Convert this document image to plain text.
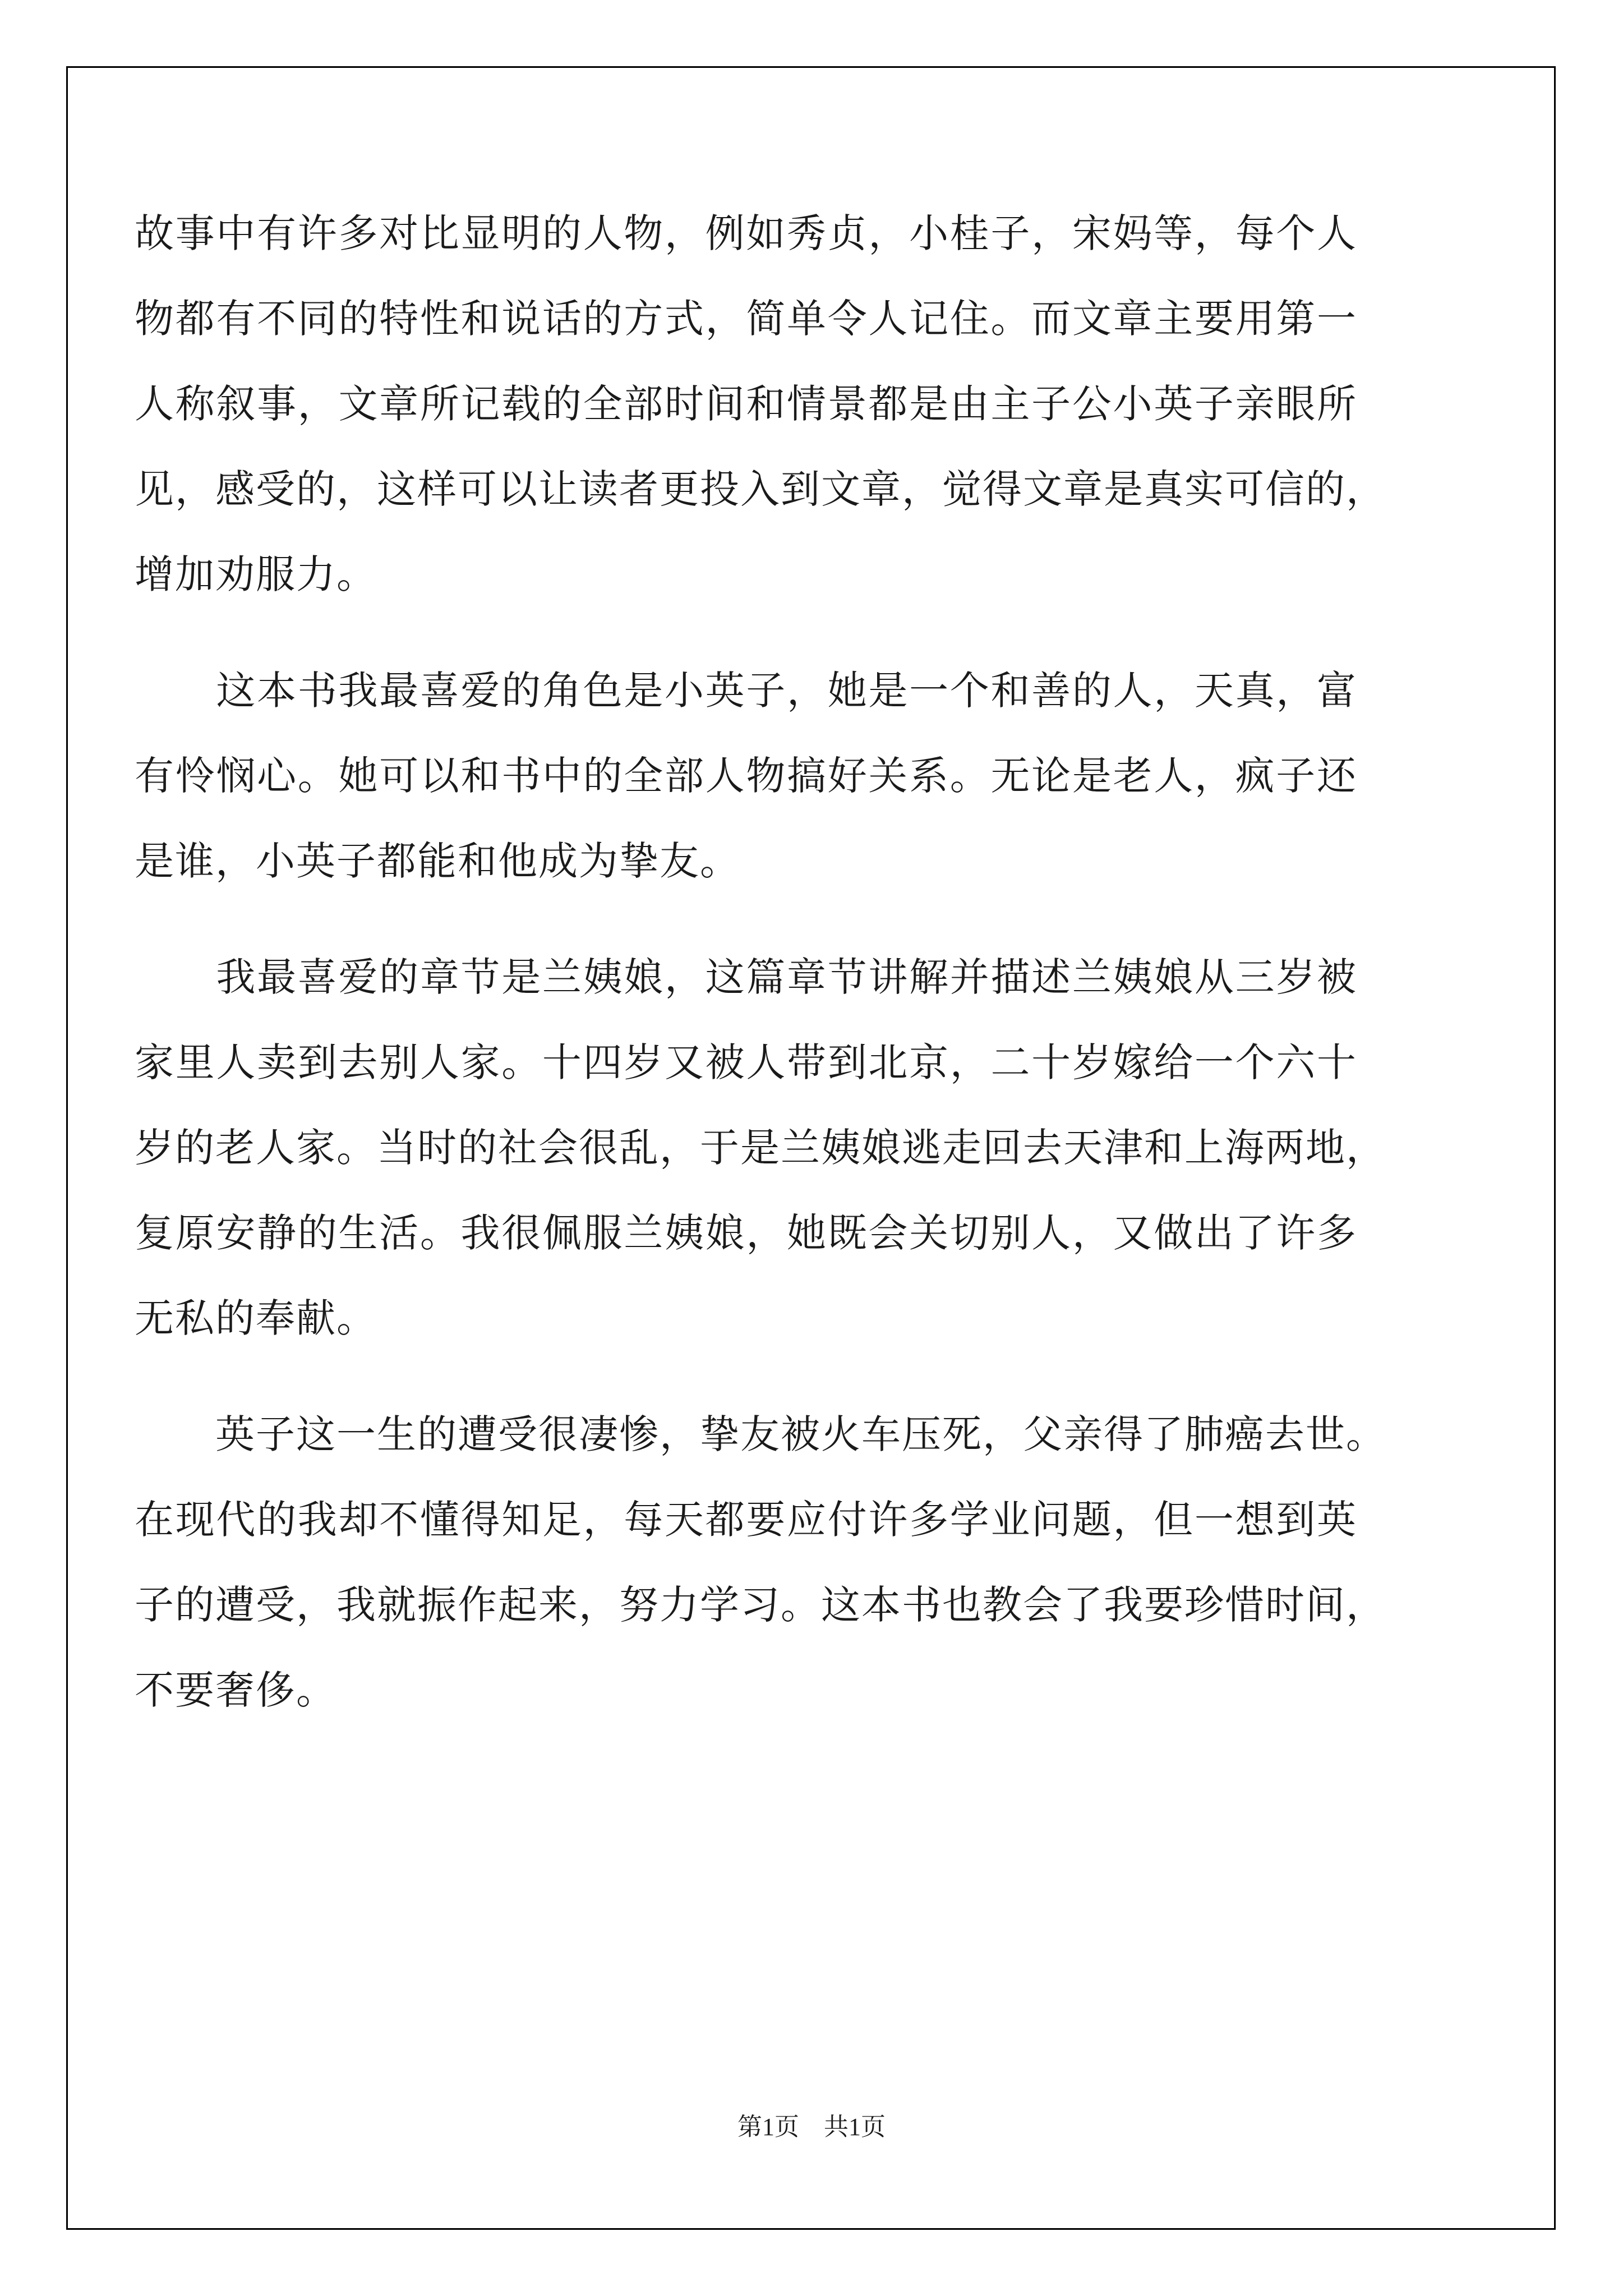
故事中有许多对比显明的人物，例如秀贞，小桂子，宋妈等，每个人
物都有不同的特性和说话的方式，简单令人记住。而文章主要用第一
人称叙事，文章所记载的全部时间和情景都是由主子公小英子亲眼所
见，感受的，这样可以让读者更投入到文章，觉得文章是真实可信的，
增加劝服力。
　　这本书我最喜爱的角色是小英子，她是一个和善的人，天真，富
有怜悯心。她可以和书中的全部人物搞好关系。无论是老人，疯子还
是谁，小英子都能和他成为挚友。
　　我最喜爱的章节是兰姨娘，这篇章节讲解并描述兰姨娘从三岁被
家里人卖到去别人家。十四岁又被人带到北京，二十岁嫁给一个六十
岁的老人家。当时的社会很乱，于是兰姨娘逃走回去天津和上海两地，
复原安静的生活。我很佩服兰姨娘，她既会关切别人，又做出了许多
无私的奉献。
　　英子这一生的遭受很凄惨，挚友被火车压死，父亲得了肺癌去世。
在现代的我却不懂得知足，每天都要应付许多学业问题，但一想到英
子的遭受，我就振作起来，努力学习。这本书也教会了我要珍惜时间，
不要奢侈。
第1页　共1页
